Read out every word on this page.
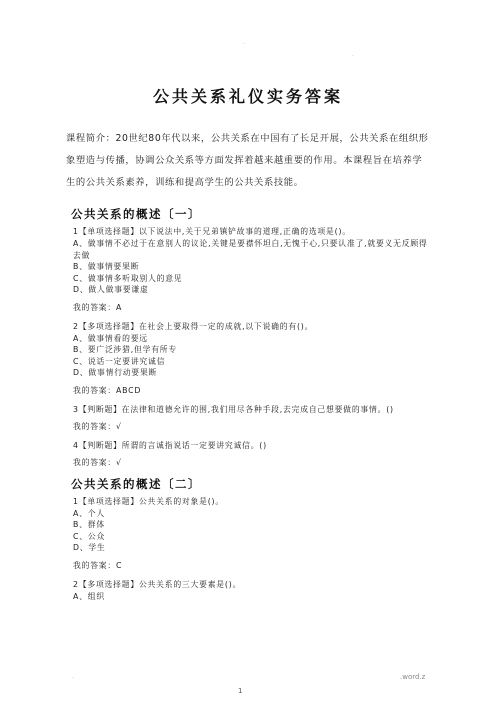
.
.
公共关系礼仪实务答案
课程简介：20世纪80年代以来，公共关系在中国有了长足开展，公共关系在组织形象塑造与传播，协调公众关系等方面发挥着越来越重要的作用。本课程旨在培养学生的公共关系素养，训练和提高学生的公共关系技能。
公共关系的概述〔一〕
1【单项选择题】以下说法中,关于兄弟镇铲故事的道理,正确的选项是()。
A、做事情不必过于在意别人的议论,关键是要襟怀坦白,无愧于心,只要认准了,就要义无反顾得去做
B、做事情要果断
C、做事情多听取别人的意见
D、做人做事要谦虚
我的答案：A
2【多项选择题】在社会上要取得一定的成就,以下说确的有()。
A、做事情看的要远
B、要广泛涉猎,但学有所专
C、说话一定要讲究诚信
D、做事情行动要果断
我的答案：ABCD
3【判断题】在法律和道德允许的围,我们用尽各种手段,去完成自己想要做的事情。()
我的答案：√
4【判断题】所谓的言诚指说话一定要讲究诚信。()
我的答案：√
公共关系的概述〔二〕
1【单项选择题】公共关系的对象是()。
A、个人
B、群体
C、公众
D、学生
我的答案：C
2【多项选择题】公共关系的三大要素是()。
A、组织
.	.word.z
1
